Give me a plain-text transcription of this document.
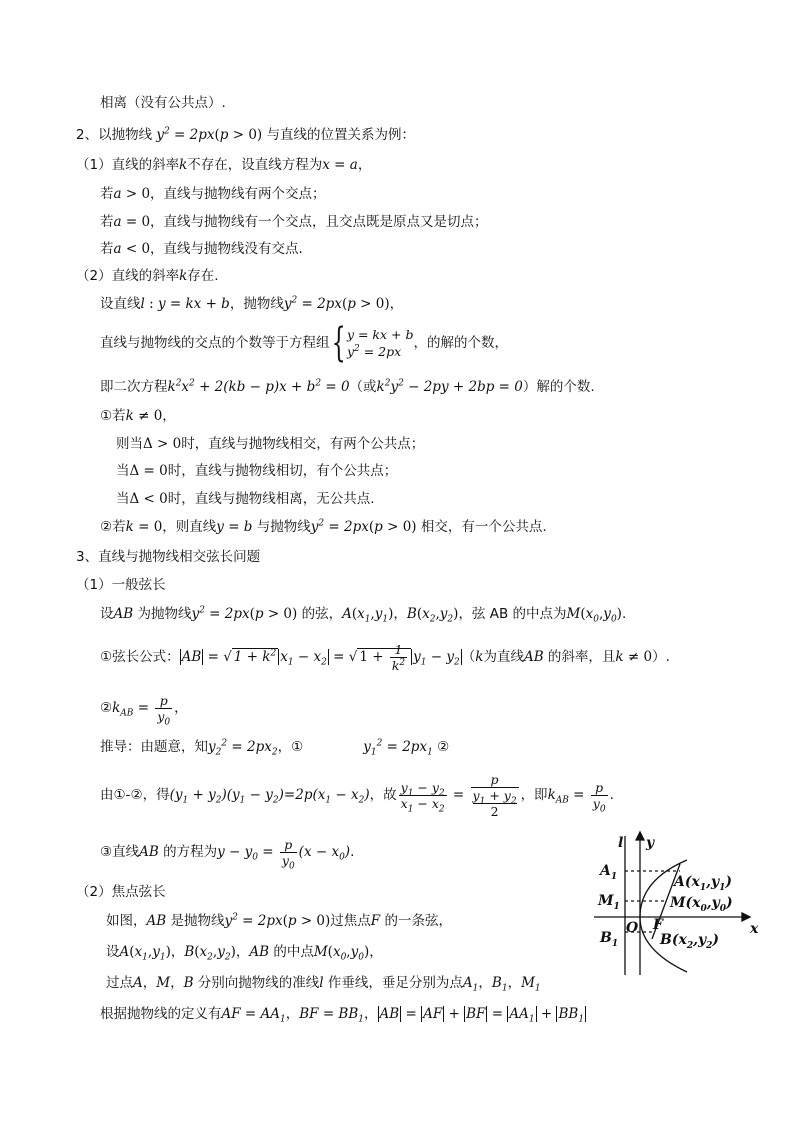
相离（没有公共点）.
2、以抛物线 $y^2 = 2px(p > 0)$ 与直线的位置关系为例：
（1）直线的斜率k不存在，设直线方程为x = a，
若a > 0，直线与抛物线有两个交点；
若a = 0，直线与抛物线有一个交点，且交点既是原点又是切点；
若a < 0，直线与抛物线没有交点.
（2）直线的斜率k存在.
设直线l : y = kx + b，抛物线$y^2 = 2px(p > 0)$，
直线与抛物线的交点的个数等于方程组{ y = kx + b
$y^2 = 2px$
，的解的个数，
即二次方程$k^2x^2 + 2(kb - p)x + b^2 = 0$（或$k^2y^2 - 2py + 2bp = 0$）解的个数.
①若k ≠ 0，
则当Δ > 0时，直线与抛物线相交，有两个公共点；
当Δ = 0时，直线与抛物线相切，有个公共点；
当Δ < 0时，直线与抛物线相离，无公共点.
②若k = 0，则直线y = b 与抛物线$y^2 = 2px(p > 0)$ 相交，有一个公共点.
3、直线与抛物线相交弦长问题
（1）一般弦长
设AB 为抛物线$y^2 = 2px(p > 0)$ 的弦，$A(x_1,y_1)$，$B(x_2,y_2)$，弦 AB 的中点为$M(x_0,y_0)$.
①弦长公式： AB = √ $1 + k^2$ $x_1 - x_2$ = √ $1 + \frac{1}{k^2} y_1 - y_2$ （k为直线AB 的斜率，且k ≠ 0）.
$②k_{AB} = \frac{p}{y_0}$ ，
推导：由题意，知$y_2^2 = 2px_2$，①	$y_1^2 = 2px_1$ ②
由①-②，得$(y_1 + y_2)(y_1 - y_2)=2p(x_1 - x_2)$，故 $\frac{y_1 - y_2}{x_1 - x_2} = p$
$y_1 + y_2$
2 ，即$k_{AB} = \frac{p}{y_0}$ .
③直线AB 的方程为$y - y_0 = \frac{p}{y_0} (x - x_0)$.
（2）焦点弦长
如图，AB 是抛物线$y^2 = 2px(p > 0)$过焦点F 的一条弦，
设$A(x_1,y_1)$，$B(x_2,y_2)$，AB 的中点$M(x_0,y_0)$，
过点A，M，B 分别向抛物线的准线l 作垂线，垂足分别为点$A_1$，$B_1$，$M_1$
根据抛物线的定义有AF = $AA_1$，BF = $BB_1$， AB = AF + BF = $AA_1 + BB_1$
l y
x
$A_1$
$M_1$
$B_1$
O F
$A(x_1,y_1)$
$M(x_0,y_0)$
$B(x_2,y_2)$
